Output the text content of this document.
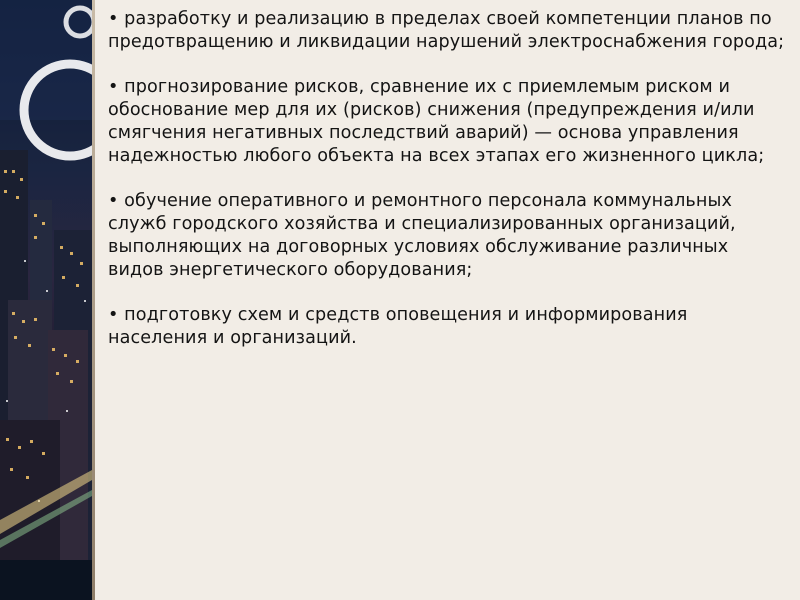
• разработку и реализацию в пределах своей компетенции планов по предотвращению и ликвидации нарушений электроснабжения города;

• прогнозирование рисков, сравнение их с приемлемым риском и обоснование мер для их (рисков) снижения (предупреждения и/или смягчения негативных последствий аварий) — основа управления надежностью любого объекта на всех этапах его жизненного цикла;

• обучение оперативного и ремонтного персонала коммунальных служб городского хозяйства и специализированных организаций, выполняющих на договорных условиях обслуживание различных видов энергетического оборудования;

• подготовку схем и средств оповещения и информирования населения и организаций.
